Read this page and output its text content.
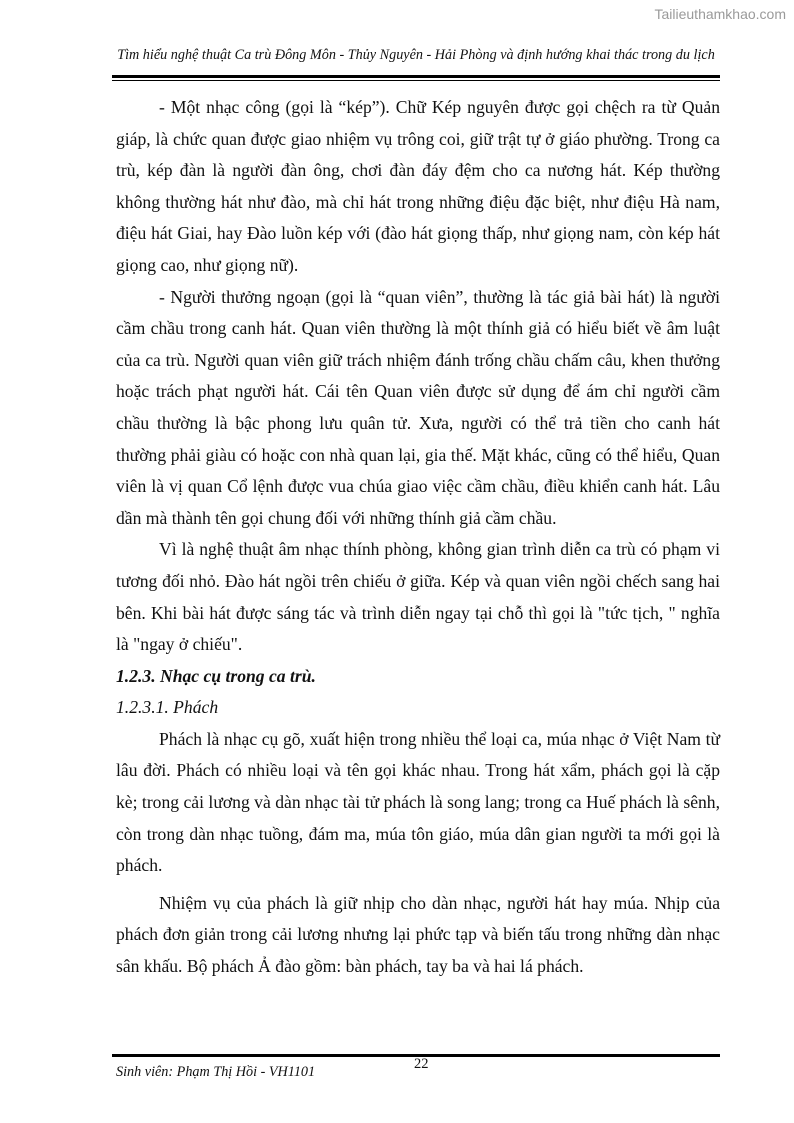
Tailieuthamkhao.com
Tìm hiểu nghệ thuật Ca trù Đông Môn - Thủy Nguyên - Hải Phòng và định hướng khai thác trong du lịch

- Một nhạc công (gọi là “kép”). Chữ Kép nguyên được gọi chệch ra từ Quản giáp, là chức quan được giao nhiệm vụ trông coi, giữ trật tự ở giáo phường. Trong ca trù, kép đàn là người đàn ông, chơi đàn đáy đệm cho ca nương hát. Kép thường không thường hát như đào, mà chỉ hát trong những điệu đặc biệt, như điệu Hà nam, điệu hát Giai, hay Đào luồn kép với (đào hát giọng thấp, như giọng nam, còn kép hát giọng cao, như giọng nữ).

- Người thưởng ngoạn (gọi là “quan viên”, thường là tác giả bài hát) là người cầm chầu trong canh hát. Quan viên thường là một thính giả có hiểu biết về âm luật của ca trù. Người quan viên giữ trách nhiệm đánh trống chầu chấm câu, khen thưởng hoặc trách phạt người hát. Cái tên Quan viên được sử dụng để ám chỉ người cầm chầu thường là bậc phong lưu quân tử. Xưa, người có thể trả tiền cho canh hát thường phải giàu có hoặc con nhà quan lại, gia thế. Mặt khác, cũng có thể hiểu, Quan viên là vị quan Cổ lệnh được vua chúa giao việc cầm chầu, điều khiển canh hát. Lâu dần mà thành tên gọi chung đối với những thính giả cầm chầu.

Vì là nghệ thuật âm nhạc thính phòng, không gian trình diễn ca trù có phạm vi tương đối nhỏ. Đào hát ngồi trên chiếu ở giữa. Kép và quan viên ngồi chếch sang hai bên. Khi bài hát được sáng tác và trình diễn ngay tại chỗ thì gọi là "tức tịch, " nghĩa là "ngay ở chiếu".

1.2.3. Nhạc cụ trong ca trù.
1.2.3.1. Phách

Phách là nhạc cụ gõ, xuất hiện trong nhiều thể loại ca, múa nhạc ở Việt Nam từ lâu đời. Phách có nhiều loại và tên gọi khác nhau. Trong hát xẩm, phách gọi là cặp kè; trong cải lương và dàn nhạc tài tử phách là song lang; trong ca Huế phách là sênh, còn trong dàn nhạc tuồng, đám ma, múa tôn giáo, múa dân gian người ta mới gọi là phách.

Nhiệm vụ của phách là giữ nhịp cho dàn nhạc, người hát hay múa. Nhịp của phách đơn giản trong cải lương nhưng lại phức tạp và biến tấu trong những dàn nhạc sân khấu. Bộ phách Ả đào gồm: bàn phách, tay ba và hai lá phách.

Sinh viên: Phạm Thị Hồi - VH1101	22
